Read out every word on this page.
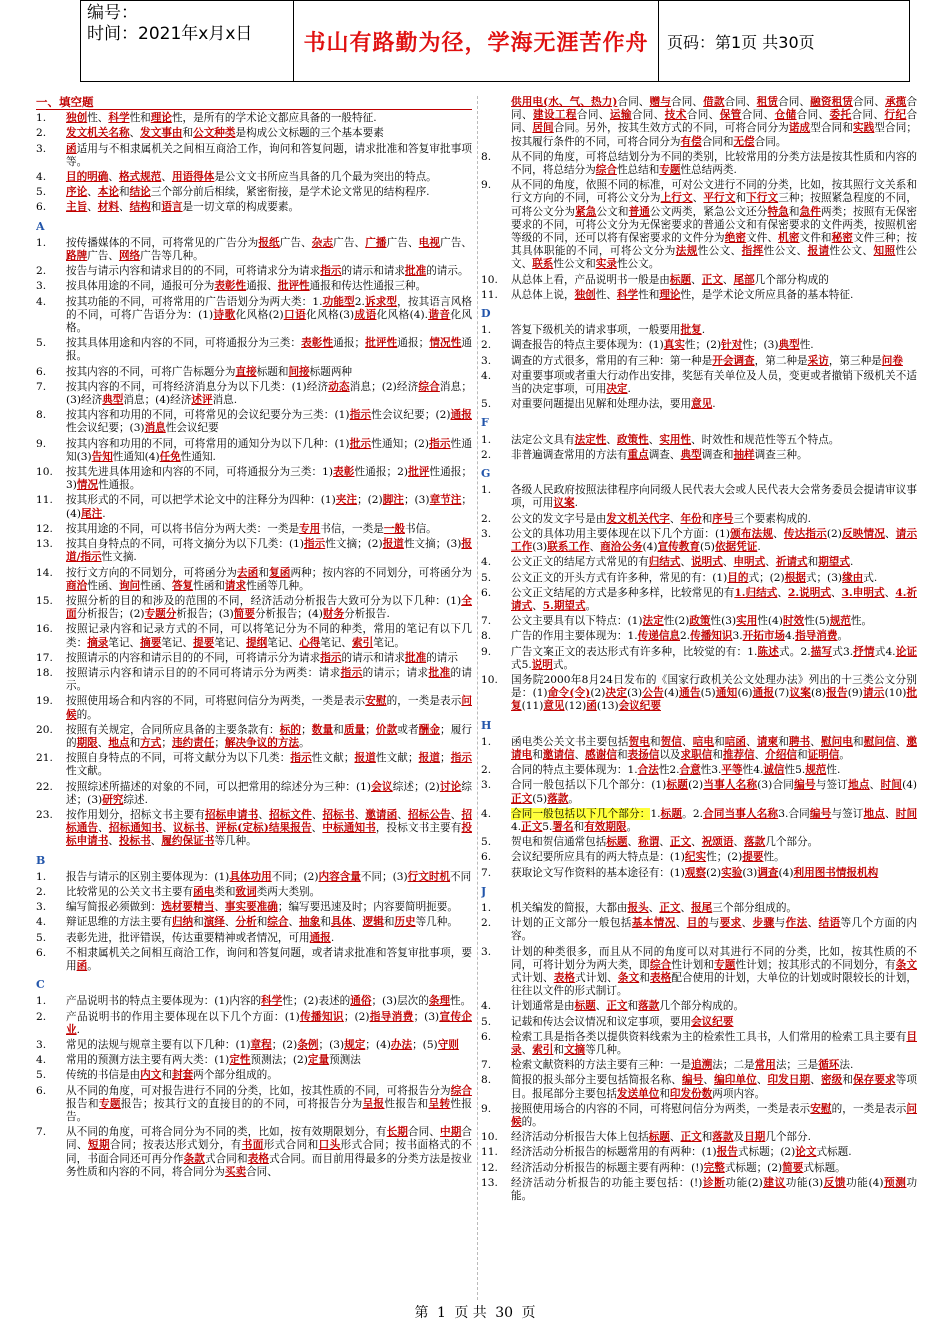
编号：
时间：2021年x月x日	书山有路勤为径，学海无涯苦作舟	页码：第1页 共30页
一、填空题
1.	独创性、科学性和理论性，是所有的学术论文都应具备的一般特征.
2.	发文机关名称、发文事由和公文种类是构成公文标题的三个基本要素
3.	函适用与不相隶属机关之间相互商洽工作，询问和答复问题，请求批准和答复审批事项等。
4.	目的明确、格式规范、用语得体是公文文书所应当具备的几个最为突出的特点。
5.	序论、本论和结论三个部分前后相续，紧密衔接，是学术论文常见的结构程序.
6.	主旨、材料、结构和语言是一切文章的构成要素。
A
1.	按传播媒体的不同，可将常见的广告分为报纸广告、杂志广告、广播广告、电视广告、路牌广告、网络广告等几种。
2.	按告与请示内容和请求目的的不同，可将请求分为请求指示的请示和请求批准的请示。
3.	按具体用途的不同，通报可分为表彰性通报、批评性通报和传达性通报三种。
4.	按其功能的不同，可将常用的广告语划分为两大类：1.功能型2.诉求型，按其语言风格的不同，可将广告语分为：(1)诗歌化风格(2)口语化风格(3)成语化风格(4).谐音化风格。
5.	按其具体用途和内容的不同，可将通报分为三类：表彰性通报；批评性通报；情况性通报。
6.	按其内容的不同，可将广告标题分为直接标题和间接标题两种
7.	按其内容的不同，可将经济消息分为以下几类：(1)经济动态消息；(2)经济综合消息；(3)经济典型消息；(4)经济述评消息.
8.	按其内容和功用的不同，可将常见的会议纪要分为三类：(1)指示性会议纪要；(2)通报性会议纪要；(3)消息性会议纪要
9.	按其内容和功用的不同，可将常用的通知分为以下几种：(1)批示性通知；(2)指示性通知(3)告知性通知(4)任免性通知.
10.	按其先进具体用途和内容的不同，可将通报分为三类：1)表彰性通报；2)批评性通报；3)情况性通报。
11.	按其形式的不同，可以把学术论文中的注释分为四种：(1)夹注；(2)脚注；(3)章节注；(4)尾注.
12.	按其用途的不同，可以将书信分为两大类：一类是专用书信，一类是一般书信。
13.	按其自身特点的不同，可将文摘分为以下几类：(1)指示性文摘；(2)报道性文摘；(3)报道/指示性文摘.
14.	按行文方向的不同划分，可将函分为去函和复函两种；按内容的不同划分，可将函分为商洽性函、询问性函、答复性函和请求性函等几种。
15.	按照分析的目的和涉及的范围的不同，经济活动分析报告大致可分为以下几种：(1)全面分析报告；(2)专题分析报告；(3)简要分析报告；(4)财务分析报告.
16.	按照记录内容和记录方式的不同，可以将笔记分为不同的种类，常用的笔记有以下几类：摘录笔记、摘要笔记、提要笔记、提纲笔记、心得笔记、索引笔记。
17.	按照请示的内容和请示目的的不同，可将请示分为请求指示的请示和请求批准的请示
18.	按照请示内容和请示目的的不同可将请示分为两类：请求指示的请示；请求批准的请示。
19.	按照使用场合和内容的不同，可将慰问信分为两类，一类是表示安慰的，一类是表示问候的。
20.	按照有关规定，合同所应具备的主要条款有：标的；数量和质量；价款或者酬金；履行的期限、地点和方式；违约责任；解决争议的方法。
21.	按照自身特点的不同，可将文献分为以下几类：指示性文献；报道性文献；报道；指示性文献。
22.	按照综述所描述的对象的不同，可以把常用的综述分为三种：(1)会议综述；(2)讨论综述；(3)研究综述.
23.	按作用划分，招标文书主要有招标申请书、招标文件、招标书、邀请函、招标公告、招标通告、招标通知书、议标书、评标(定标)结果报告、中标通知书，投标文书主要有投标申请书、投标书、履约保证书等几种。
B
1.	报告与请示的区别主要体现为：(1)具体功用不同；(2)内容含量不同；(3)行文时机不同
2.	比较常见的公关文书主要有函电类和致词类两大类别。
3.	编写简报必须做到：选材要精当、事实要准确；编写要迅速及时；内容要简明扼要。
4.	辩证思维的方法主要有归纳和演绎、分析和综合、抽象和具体、逻辑和历史等几种。
5.	表彰先进，批评错误，传达重要精神或者情况，可用通报.
6.	不相隶属机关之间相互商洽工作，询问和答复问题，或者请求批准和答复审批事项，要用函。
C
1.	产品说明书的特点主要体现为：(1)内容的科学性；(2)表述的通俗；(3)层次的条理性。
2.	产品说明书的作用主要体现在以下几个方面：(1)传播知识；(2)指导消费；(3)宣传企业.
3.	常见的法规与规章主要有以下几种：(1)章程；(2)条例；(3)规定；(4)办法；(5)守则
4.	常用的预测方法主要有两大类：(1)定性预测法；(2)定量预测法
5.	传统的书信是由内文和封套两个部分组成的。
6.	从不同的角度，可对报告进行不同的分类，比如，按其性质的不同，可将报告分为综合报告和专题报告；按其行文的直接目的的不同，可将报告分为呈报性报告和呈转性报告。
7.	从不同的角度，可将合同分为不同的类，比如，按有效期限划分，有长期合同、中期合同、短期合同；按表达形式划分，有书面形式合同和口头形式合同；按书面格式的不同，书面合同还可再分作条款式合同和表格式合同。而目前用得最多的分类方法是按业务性质和内容的不同，将合同分为买卖合同、
供用电(水、气、热力)合同、赠与合同、借款合同、租赁合同、融资租赁合同、承揽合同、建设工程合同、运输合同、技术合同、保管合同、仓储合同、委托合同、行纪合同、居间合同。另外，按其生效方式的不同，可将合同分为诺成型合同和实践型合同；按其履行条件的不同，可将合同分为有偿合同和无偿合同。
8.	从不同的角度，可将总结划分为不同的类别，比较常用的分类方法是按其性质和内容的不同，将总结分为综合性总结和专题性总结两类.
9.	从不同的角度，依照不同的标准，可对公文进行不同的分类，比如，按其照行文关系和行文方向的不同，可将公文分为上行文、平行文和下行文三种；按照紧急程度的不同，可将公文分为紧急公文和普通公文两类，紧急公文还分特急和急件两类；按照有无保密要求的不同，可将公文分为无保密要求的普通公文和有保密要求的文件两类，按照机密等级的不同，还可以将有保密要求的文件分为绝密文件、机密文件和秘密文件三种；按其具体职能的不同，可将公文分为法规性公文、指挥性公文、报请性公文、知照性公文、联系性公文和实录性公文。
10.	从总体上看，产品说明书一般是由标题、正文、尾部几个部分构成的
11.	从总体上说，独创性、科学性和理论性，是学术论文所应具备的基本特征.
D
1.	答复下级机关的请求事项，一般要用批复.
2.	调查报告的特点主要体现为：(1)真实性；(2)针对性；(3)典型性.
3.	调查的方式很多，常用的有三种：第一种是开会调查，第二种是采访，第三种是问卷
4.	对重要事项或者重大行动作出安排，奖惩有关单位及人员，变更或者撤销下级机关不适当的决定事项，可用决定.
5.	对重要问题提出见解和处理办法，要用意见.
F
1.	法定公文具有法定性、政策性、实用性、时效性和规范性等五个特点。
2.	非普遍调查常用的方法有重点调查、典型调查和抽样调查三种。
G
1.	各级人民政府按照法律程序向同级人民代表大会或人民代表大会常务委员会提请审议事项，可用议案.
2.	公文的发文字号是由发文机关代字、年份和序号三个要素构成的.
3.	公文的具体功用主要体现在以下几个方面：(1)颁布法规、传达指示(2)反映情况、请示工作(3)联系工作、商洽公务(4)宣传教育(5)依据凭证.
4.	公文正文的结尾方式常见的有归结式、说明式、申明式、祈请式和期望式.
5.	公文正文的开头方式有许多种，常见的有：(1)目的式；(2)根据式；(3)缘由式.
6.	公文正文结尾的方式是多种多样，比较常见的有1.归结式、2.说明式、3.申明式、4.祈请式、5.期望式。
7.	公文主要具有以下特点：(1)法定性(2)政策性(3)实用性(4)时效性(5)规范性。
8.	广告的作用主要体现为：1.传递信息2.传播知识3.开拓市场4.指导消费。
9.	广告文案正文的表达形式有许多种，比较觉的有：1.陈述式。2.描写式3.抒情式4.论证式5.说明式。
10.	国务院2000年8月24日发布的《国家行政机关公文处理办法》列出的十三类公文分别是：(1)命令(令)(2)决定(3)公告(4)通告(5)通知(6)通报(7)议案(8)报告(9)请示(10)批复(11)意见(12)函(13)会议纪要
H
1.	函电类公关文书主要包括贺电和贺信、唁电和唁函、请柬和聘书、慰问电和慰问信、邀请电和邀请信、感谢信和表扬信以及求职信和推荐信、介绍信和证明信。
2.	合同的特点主要体现为：1.合法性2.合意性3.平等性4.诚信性5.规范性.
3.	合同一般包括以下几个部分：(1)标题(2)当事人名称(3)合同编号与签订地点、时间(4)正文(5)落款。
4.	合同一般包括以下几个部分：1.标题。2.合同当事人名称3.合同编号与签订地点、时间4.正文5.署名和有效期限。
5.	贺电和贺信通常包括标题、称谓、正文、祝颂语、落款几个部分。
6.	会议纪要所应具有的两大特点是：(1)纪实性；(2)提要性。
7.	获取论文写作资料的基本途径有：(1)观察(2)实验(3)调查(4)利用图书情报机构
J
1.	机关编发的简报，大都由报头、正文、报尾三个部分组成的。
2.	计划的正文部分一般包括基本情况、目的与要求、步骤与作法、结语等几个方面的内容。
3.	计划的种类很多，而且从不同的角度可以对其进行不同的分类，比如，按其性质的不同，可将计划分为两大类，即综合性计划和专题性计划；按其形式的不同划分，有条文式计划、表格式计划、条文和表格配合使用的计划，大单位的计划或时限较长的计划，往往以文件的形式制订。
4.	计划通常是由标题、正文和落款几个部分构成的。
5.	记载和传达会议情况和议定事项，要用会议纪要
6.	检索工具是指各类以提供资料线索为主的检索性工具书，人们常用的检索工具主要有目录、索引和文摘等几种。
7.	检索文献资料的方法主要有三种：一是追溯法；二是常用法；三是循环法.
8.	简报的报头部分主要包括简报名称、编号、编印单位、印发日期、密级和保存要求等项目。报尾部分主要包括发送单位和印发份数两项内容。
9.	接照使用场合的内容的不同，可将慰问信分为两类，一类是表示安慰的，一类是表示问候的。
10.	经济活动分析报告大体上包括标题、正文和落款及日期几个部分.
11.	经济活动分析报告的标题常用的有两种：(1)报告式标题；(2)论文式标题.
12.	经济活动分析报告的标题主要有两种：(!)完整式标题；(2)简要式标题。
13.	经济活动分析报告的功能主要包括：(!)诊断功能(2)建议功能(3)反馈功能(4)预测功能。
第 1 页 共 30 页
